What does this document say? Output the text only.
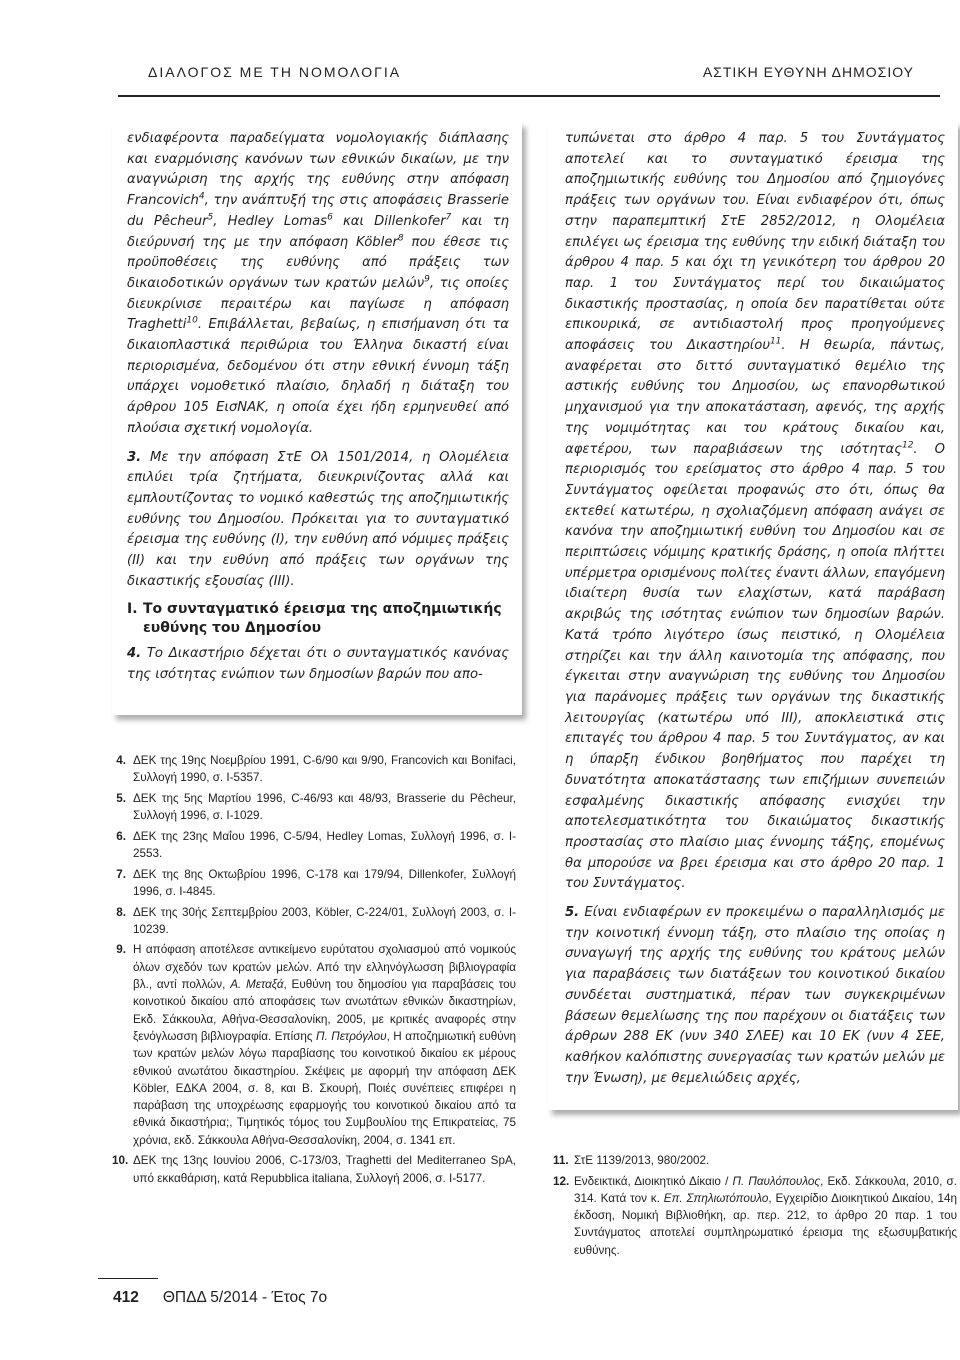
ΔΙΑΛΟΓΟΣ ΜΕ ΤΗ ΝΟΜΟΛΟΓΙΑ	ΑΣΤΙΚΗ ΕΥΘΥΝΗ ΔΗΜΟΣΙΟΥ

ενδιαφέροντα παραδείγματα νομολογιακής διάπλασης και εναρμόνισης κανόνων των εθνικών δικαίων, με την αναγνώριση της αρχής της ευθύνης στην απόφαση Francovich$^4$, την ανάπτυξή της στις αποφάσεις Brasserie du Pêcheur$^5$, Hedley Lomas$^6$ και Dillenkofer$^7$ και τη διεύρυνσή της με την απόφαση Köbler$^8$ που έθεσε τις προϋποθέσεις της ευθύνης από πράξεις των δικαιοδοτικών οργάνων των κρατών μελών$^9$, τις οποίες διευκρίνισε περαιτέρω και παγίωσε η απόφαση Traghetti$^{10}$. Επιβάλλεται, βεβαίως, η επισήμανση ότι τα δικαιοπλαστικά περιθώρια του Έλληνα δικαστή είναι περιορισμένα, δεδομένου ότι στην εθνική έννομη τάξη υπάρχει νομοθετικό πλαίσιο, δηλαδή η διάταξη του άρθρου 105 ΕισΝΑΚ, η οποία έχει ήδη ερμηνευθεί από πλούσια σχετική νομολογία.

3. Με την απόφαση ΣτΕ Ολ 1501/2014, η Ολομέλεια επιλύει τρία ζητήματα, διευκρινίζοντας αλλά και εμπλουτίζοντας το νομικό καθεστώς της αποζημιωτικής ευθύνης του Δημοσίου. Πρόκειται για το συνταγματικό έρεισμα της ευθύνης (I), την ευθύνη από νόμιμες πράξεις (II) και την ευθύνη από πράξεις των οργάνων της δικαστικής εξουσίας (III).

I. Το συνταγματικό έρεισμα της αποζημιωτικής ευθύνης του Δημοσίου

4. Το Δικαστήριο δέχεται ότι ο συνταγματικός κανόνας της ισότητας ενώπιον των δημοσίων βαρών που απο-

τυπώνεται στο άρθρο 4 παρ. 5 του Συντάγματος αποτελεί και το συνταγματικό έρεισμα της αποζημιωτικής ευθύνης του Δημοσίου από ζημιογόνες πράξεις των οργάνων του. Είναι ενδιαφέρον ότι, όπως στην παραπεμπτική ΣτΕ 2852/2012, η Ολομέλεια επιλέγει ως έρεισμα της ευθύνης την ειδική διάταξη του άρθρου 4 παρ. 5 και όχι τη γενικότερη του άρθρου 20 παρ. 1 του Συντάγματος περί του δικαιώματος δικαστικής προστασίας, η οποία δεν παρατίθεται ούτε επικουρικά, σε αντιδιαστολή προς προηγούμενες αποφάσεις του Δικαστηρίου$^{11}$. Η θεωρία, πάντως, αναφέρεται στο διττό συνταγματικό θεμέλιο της αστικής ευθύνης του Δημοσίου, ως επανορθωτικού μηχανισμού για την αποκατάσταση, αφενός, της αρχής της νομιμότητας και του κράτους δικαίου και, αφετέρου, των παραβιάσεων της ισότητας$^{12}$. Ο περιορισμός του ερείσματος στο άρθρο 4 παρ. 5 του Συντάγματος οφείλεται προφανώς στο ότι, όπως θα εκτεθεί κατωτέρω, η σχολιαζόμενη απόφαση ανάγει σε κανόνα την αποζημιωτική ευθύνη του Δημοσίου και σε περιπτώσεις νόμιμης κρατικής δράσης, η οποία πλήττει υπέρμετρα ορισμένους πολίτες έναντι άλλων, επαγόμενη ιδιαίτερη θυσία των ελαχίστων, κατά παράβαση ακριβώς της ισότητας ενώπιον των δημοσίων βαρών. Κατά τρόπο λιγότερο ίσως πειστικό, η Ολομέλεια στηρίζει και την άλλη καινοτομία της απόφασης, που έγκειται στην αναγνώριση της ευθύνης του Δημοσίου για παράνομες πράξεις των οργάνων της δικαστικής λειτουργίας (κατωτέρω υπό III), αποκλειστικά στις επιταγές του άρθρου 4 παρ. 5 του Συντάγματος, αν και η ύπαρξη ένδικου βοηθήματος που παρέχει τη δυνατότητα αποκατάστασης των επιζήμιων συνεπειών εσφαλμένης δικαστικής απόφασης ενισχύει την αποτελεσματικότητα του δικαιώματος δικαστικής προστασίας στο πλαίσιο μιας έννομης τάξης, επομένως θα μπορούσε να βρει έρεισμα και στο άρθρο 20 παρ. 1 του Συντάγματος.

5. Είναι ενδιαφέρων εν προκειμένω ο παραλληλισμός με την κοινοτική έννομη τάξη, στο πλαίσιο της οποίας η συναγωγή της αρχής της ευθύνης του κράτους μελών για παραβάσεις των διατάξεων του κοινοτικού δικαίου συνδέεται συστηματικά, πέραν των συγκεκριμένων βάσεων θεμελίωσης της που παρέχουν οι διατάξεις των άρθρων 288 ΕΚ (νυν 340 ΣΛΕΕ) και 10 ΕΚ (νυν 4 ΣΕΕ, καθήκον καλόπιστης συνεργασίας των κρατών μελών με την Ένωση), με θεμελιώδεις αρχές,

4. ΔΕΚ της 19ης Νοεμβρίου 1991, C-6/90 και 9/90, Francovich και Bonifaci, Συλλογή 1990, σ. I-5357.
5. ΔΕΚ της 5ης Μαρτίου 1996, C-46/93 και 48/93, Brasserie du Pêcheur, Συλλογή 1996, σ. I-1029.
6. ΔΕΚ της 23ης Μαΐου 1996, C-5/94, Hedley Lomas, Συλλογή 1996, σ. I-2553.
7. ΔΕΚ της 8ης Οκτωβρίου 1996, C-178 και 179/94, Dillenkofer, Συλλογή 1996, σ. I-4845.
8. ΔΕΚ της 30ής Σεπτεμβρίου 2003, Köbler, C-224/01, Συλλογή 2003, σ. I-10239.
9. Η απόφαση αποτέλεσε αντικείμενο ευρύτατου σχολιασμού από νομικούς όλων σχεδόν των κρατών μελών. Από την ελληνόγλωσση βιβλιογραφία βλ., αντί πολλών, Α. Μεταξά, Ευθύνη του δημοσίου για παραβάσεις του κοινοτικού δικαίου από αποφάσεις των ανωτάτων εθνικών δικαστηρίων, Εκδ. Σάκκουλα, Αθήνα-Θεσσαλονίκη, 2005, με κριτικές αναφορές στην ξενόγλωσση βιβλιογραφία. Επίσης Π. Πετρόγλου, Η αποζημιωτική ευθύνη των κρατών μελών λόγω παραβίασης του κοινοτικού δικαίου εκ μέρους εθνικού ανωτάτου δικαστηρίου. Σκέψεις με αφορμή την απόφαση ΔΕΚ Köbler, ΕΔΚΑ 2004, σ. 8, και Β. Σκουρή, Ποιές συνέπειες επιφέρει η παράβαση της υποχρέωσης εφαρμογής του κοινοτικού δικαίου από τα εθνικά δικαστήρια;, Τιμητικός τόμος του Συμβουλίου της Επικρατείας, 75 χρόνια, εκδ. Σάκκουλα Αθήνα-Θεσσαλονίκη, 2004, σ. 1341 επ.
10. ΔΕΚ της 13ης Ιουνίου 2006, C-173/03, Traghetti del Mediterraneo SpA, υπό εκκαθάριση, κατά Repubblica italiana, Συλλογή 2006, σ. I-5177.
11. ΣτΕ 1139/2013, 980/2002.
12. Ενδεικτικά, Διοικητικό Δίκαιο / Π. Παυλόπουλος, Εκδ. Σάκκουλα, 2010, σ. 314. Κατά τον κ. Επ. Σπηλιωτόπουλο, Εγχειρίδιο Διοικητικού Δικαίου, 14η έκδοση, Νομική Βιβλιοθήκη, αρ. περ. 212, το άρθρο 20 παρ. 1 του Συντάγματος αποτελεί συμπληρωματικό έρεισμα της εξωσυμβατικής ευθύνης.
412 ΘΠΔΔ 5/2014 - Έτος 7ο
